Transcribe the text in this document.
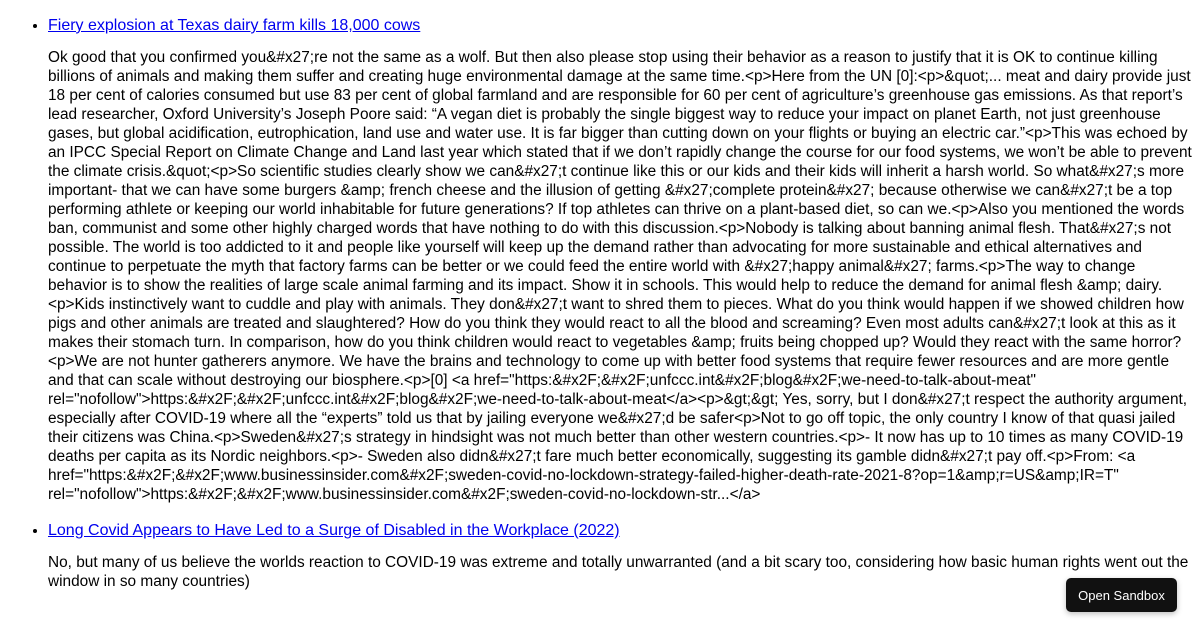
• Fiery explosion at Texas dairy farm kills 18,000 cows
Ok good that you confirmed you&#x27;re not the same as a wolf. But then also please stop using their behavior as a reason to justify that it is OK to continue killing billions of animals and making them suffer and creating huge environmental damage at the same time.<p>Here from the UN [0]:<p>&quot;... meat and dairy provide just 18 per cent of calories consumed but use 83 per cent of global farmland and are responsible for 60 per cent of agriculture’s greenhouse gas emissions. As that report’s lead researcher, Oxford University’s Joseph Poore said: “A vegan diet is probably the single biggest way to reduce your impact on planet Earth, not just greenhouse gases, but global acidification, eutrophication, land use and water use. It is far bigger than cutting down on your flights or buying an electric car.”<p>This was echoed by an IPCC Special Report on Climate Change and Land last year which stated that if we don’t rapidly change the course for our food systems, we won’t be able to prevent the climate crisis.&quot;<p>So scientific studies clearly show we can&#x27;t continue like this or our kids and their kids will inherit a harsh world. So what&#x27;s more important- that we can have some burgers &amp; french cheese and the illusion of getting &#x27;complete protein&#x27; because otherwise we can&#x27;t be a top performing athlete or keeping our world inhabitable for future generations? If top athletes can thrive on a plant-based diet, so can we.<p>Also you mentioned the words ban, communist and some other highly charged words that have nothing to do with this discussion.<p>Nobody is talking about banning animal flesh. That&#x27;s not possible. The world is too addicted to it and people like yourself will keep up the demand rather than advocating for more sustainable and ethical alternatives and continue to perpetuate the myth that factory farms can be better or we could feed the entire world with &#x27;happy animal&#x27; farms.<p>The way to change behavior is to show the realities of large scale animal farming and its impact. Show it in schools. This would help to reduce the demand for animal flesh &amp; dairy.<p>Kids instinctively want to cuddle and play with animals. They don&#x27;t want to shred them to pieces. What do you think would happen if we showed children how pigs and other animals are treated and slaughtered? How do you think they would react to all the blood and screaming? Even most adults can&#x27;t look at this as it makes their stomach turn. In comparison, how do you think children would react to vegetables &amp; fruits being chopped up? Would they react with the same horror?<p>We are not hunter gatherers anymore. We have the brains and technology to come up with better food systems that require fewer resources and are more gentle and that can scale without destroying our biosphere.<p>[0] <a href="https:&#x2F;&#x2F;unfccc.int&#x2F;blog&#x2F;we-need-to-talk-about-meat" rel="nofollow">https:&#x2F;&#x2F;unfccc.int&#x2F;blog&#x2F;we-need-to-talk-about-meat</a><p>&gt;&gt; Yes, sorry, but I don&#x27;t respect the authority argument, especially after COVID-19 where all the “experts” told us that by jailing everyone we&#x27;d be safer<p>Not to go off topic, the only country I know of that quasi jailed their citizens was China.<p>Sweden&#x27;s strategy in hindsight was not much better than other western countries.<p>- It now has up to 10 times as many COVID-19 deaths per capita as its Nordic neighbors.<p>- Sweden also didn&#x27;t fare much better economically, suggesting its gamble didn&#x27;t pay off.<p>From: <a href="https:&#x2F;&#x2F;www.businessinsider.com&#x2F;sweden-covid-no-lockdown-strategy-failed-higher-death-rate-2021-8?op=1&amp;r=US&amp;IR=T" rel="nofollow">https:&#x2F;&#x2F;www.businessinsider.com&#x2F;sweden-covid-no-lockdown-str...</a>
• Long Covid Appears to Have Led to a Surge of Disabled in the Workplace (2022)
No, but many of us believe the worlds reaction to COVID-19 was extreme and totally unwarranted (and a bit scary too, considering how basic human rights went out the window in so many countries)
Open Sandbox
